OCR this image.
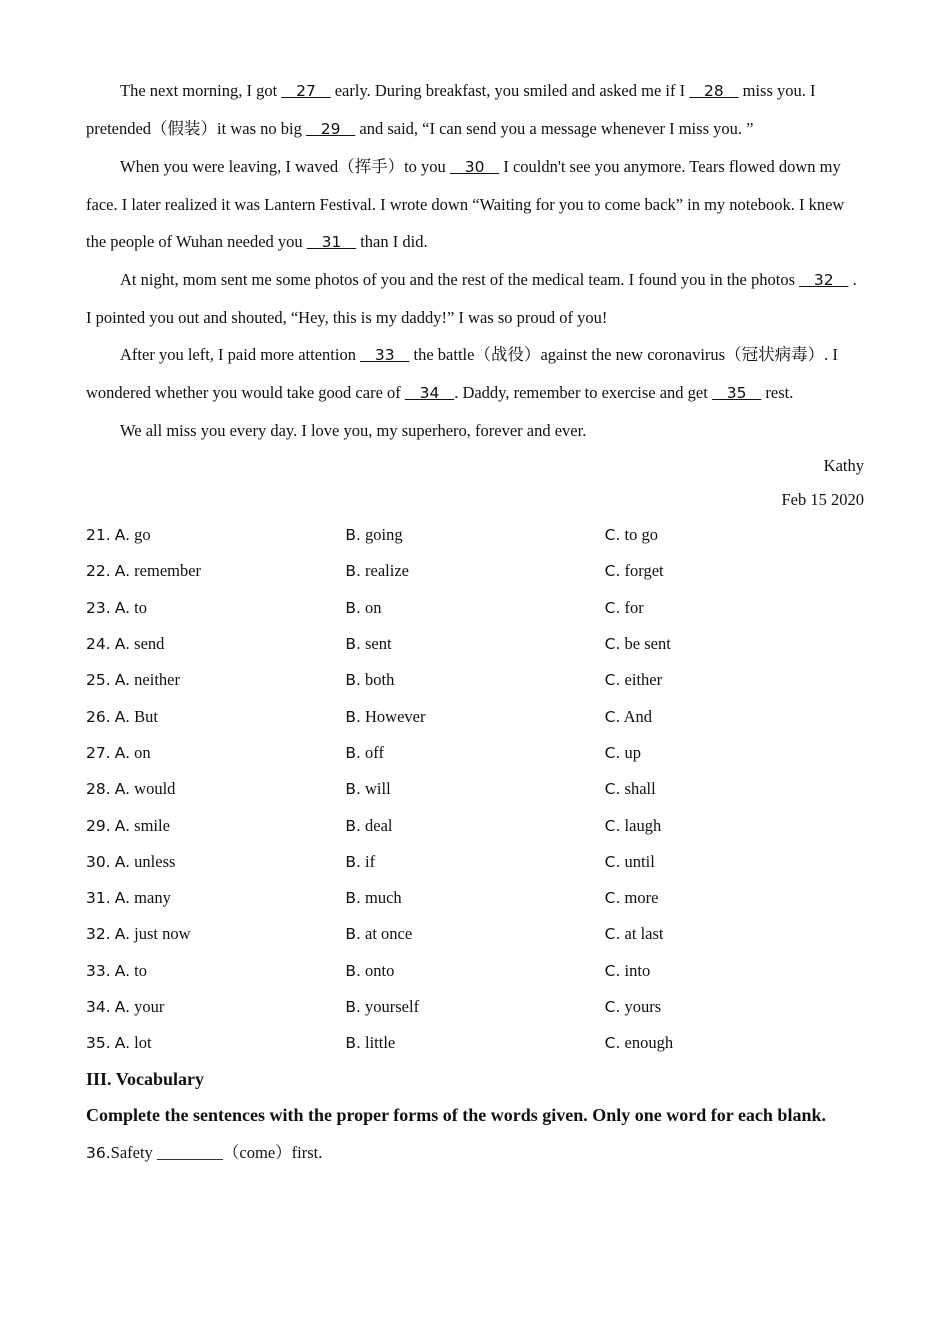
The next morning, I got    27    early. During breakfast, you smiled and asked me if I    28    miss you. I pretended（假装）it was no big    29    and said, “I can send you a message whenever I miss you. ”

When you were leaving, I waved（挥手）to you    30    I couldn't see you anymore. Tears flowed down my face. I later realized it was Lantern Festival. I wrote down “Waiting for you to come back” in my notebook. I knew the people of Wuhan needed you    31    than I did.

At night, mom sent me some photos of you and the rest of the medical team. I found you in the photos    32    . I pointed you out and shouted, “Hey, this is my daddy!” I was so proud of you!

After you left, I paid more attention    33    the battle（战役）against the new coronavirus（冠状病毒）. I wondered whether you would take good care of    34   . Daddy, remember to exercise and get    35    rest.

We all miss you every day. I love you, my superhero, forever and ever.

Kathy
Feb 15 2020
21. A. go	B. going	C. to go
22. A. remember	B. realize	C. forget
23. A. to	B. on	C. for
24. A. send	B. sent	C. be sent
25. A. neither	B. both	C. either
26. A. But	B. However	C. And
27. A. on	B. off	C. up
28. A. would	B. will	C. shall
29. A. smile	B. deal	C. laugh
30. A. unless	B. if	C. until
31. A. many	B. much	C. more
32. A. just now	B. at once	C. at last
33. A. to	B. onto	C. into
34. A. your	B. yourself	C. yours
35. A. lot	B. little	C. enough
III. Vocabulary
Complete the sentences with the proper forms of the words given. Only one word for each blank.
36.Safety ________（come）first.
